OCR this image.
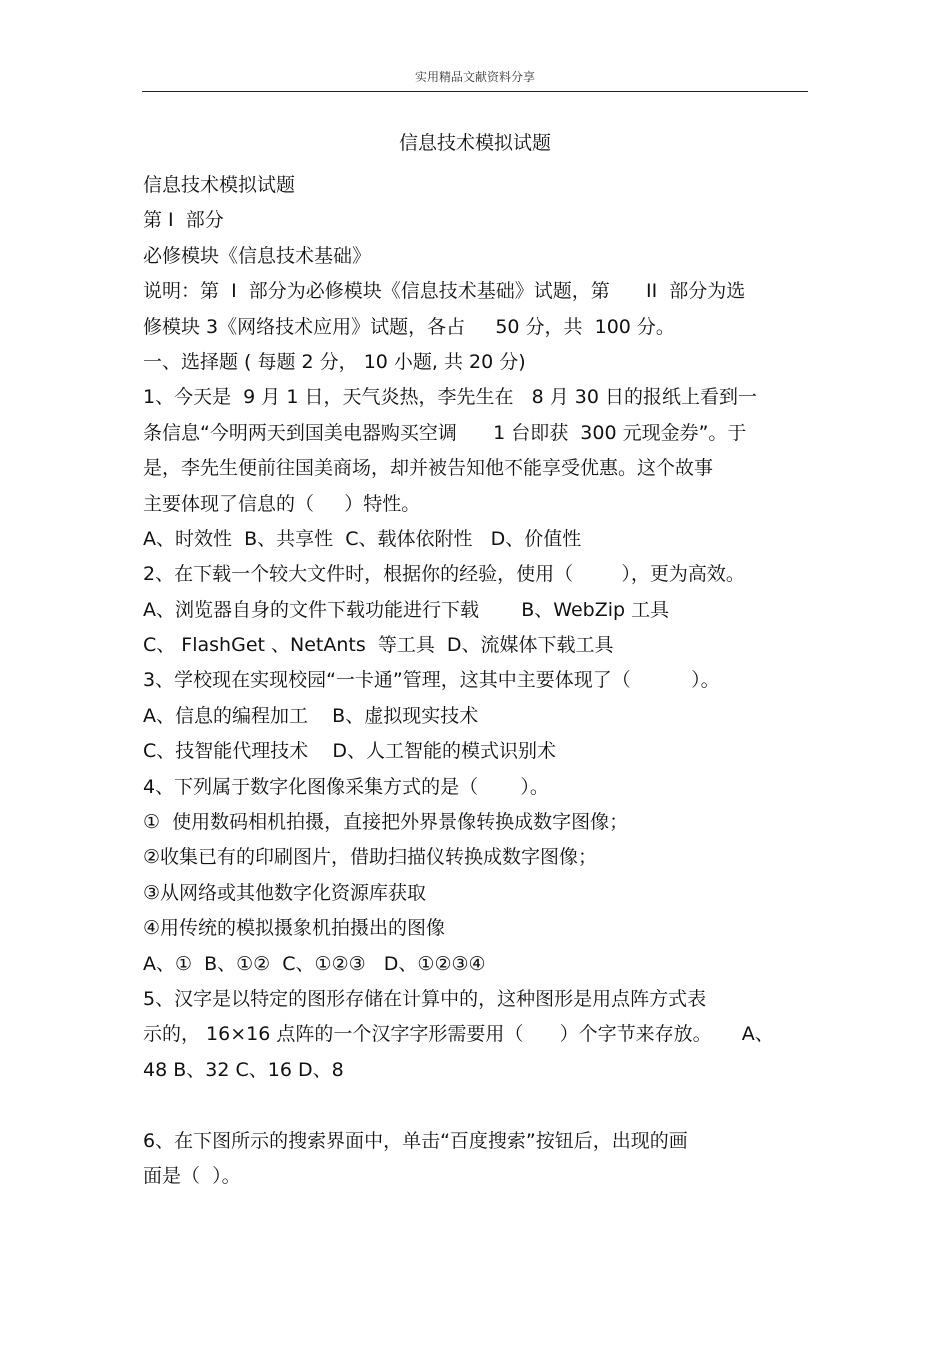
实用精品文献资料分享
信息技术模拟试题
信息技术模拟试题
第 I  部分
必修模块《信息技术基础》
说明：第  I  部分为必修模块《信息技术基础》试题，第      II  部分为选
修模块 3《网络技术应用》试题，各占     50 分，共  100 分。
一、选择题 ( 每题 2 分， 10 小题, 共 20 分)
1、今天是  9 月 1 日，天气炎热，李先生在   8 月 30 日的报纸上看到一
条信息“今明两天到国美电器购买空调      1 台即获  300 元现金券”。于
是，李先生便前往国美商场，却并被告知他不能享受优惠。这个故事
主要体现了信息的（     ）特性。
A、时效性  B、共享性  C、载体依附性   D、价值性
2、在下载一个较大文件时，根据你的经验，使用（        ），更为高效。
A、浏览器自身的文件下载功能进行下载       B、WebZip 工具
C、 FlashGet 、NetAnts  等工具  D、流媒体下载工具
3、学校现在实现校园“一卡通”管理，这其中主要体现了（          ）。
A、信息的编程加工    B、虚拟现实技术
C、技智能代理技术    D、人工智能的模式识别术
4、下列属于数字化图像采集方式的是（       ）。
①  使用数码相机拍摄，直接把外界景像转换成数字图像；
②收集已有的印刷图片，借助扫描仪转换成数字图像；
③从网络或其他数字化资源库获取
④用传统的模拟摄象机拍摄出的图像
A、①  B、①②  C、①②③   D、①②③④
5、汉字是以特定的图形存储在计算中的，这种图形是用点阵方式表
示的， 16×16 点阵的一个汉字字形需要用（      ）个字节来存放。     A、
48 B、32 C、16 D、8
6、在下图所示的搜索界面中，单击“百度搜索”按钮后，出现的画
面是（  ）。
